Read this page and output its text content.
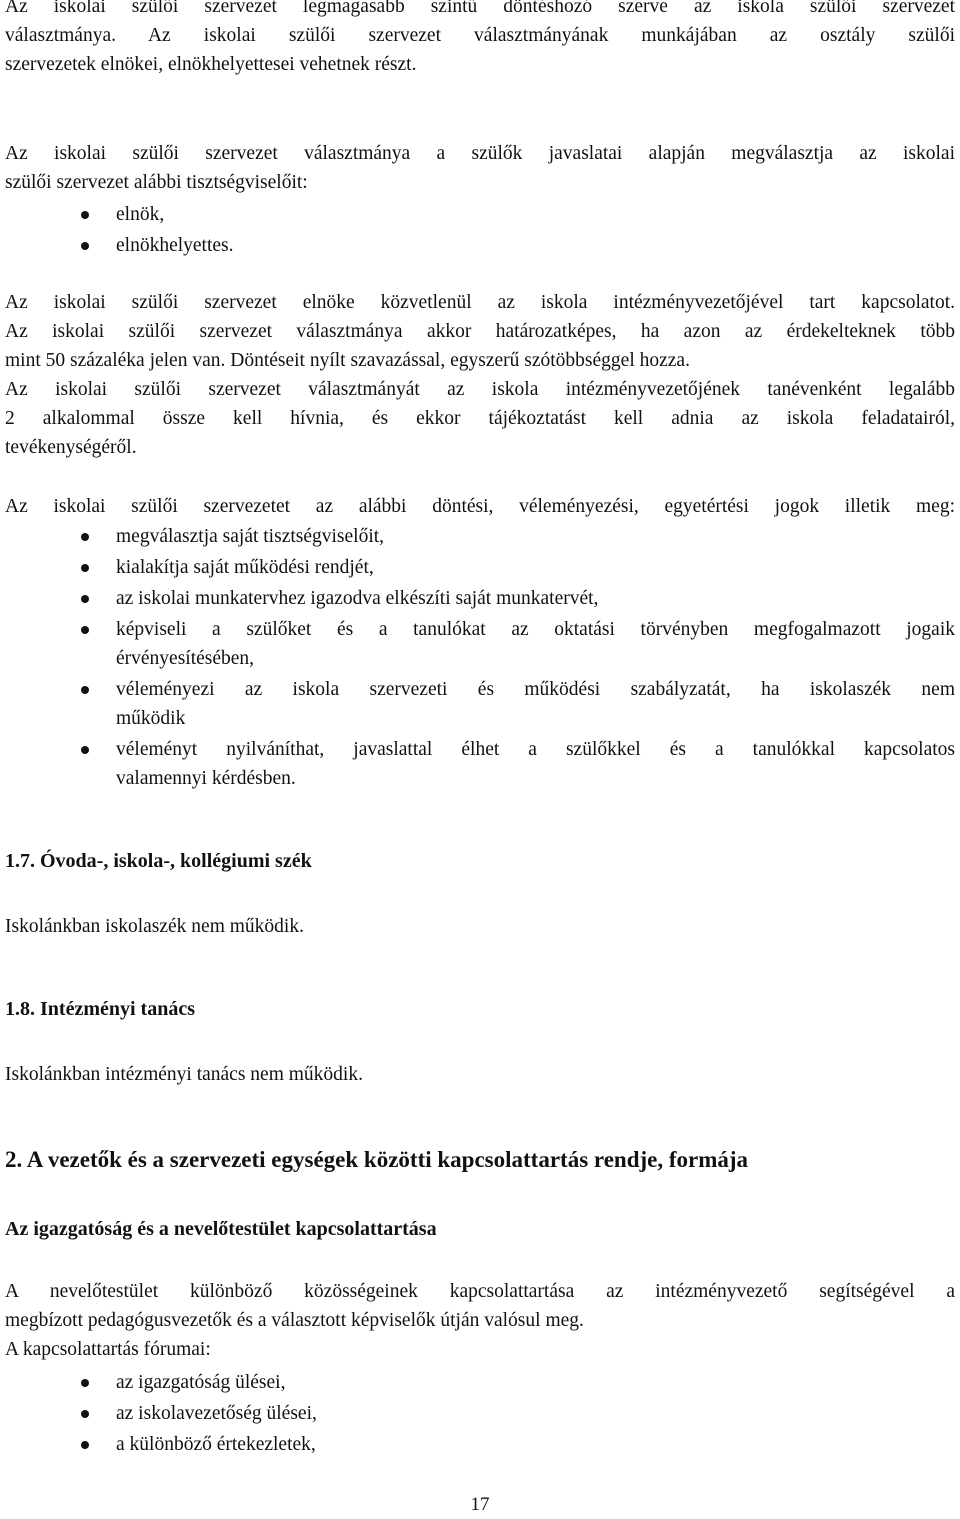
Az iskolai szülői szervezet legmagasabb szintű döntéshozó szerve az iskola szülői szervezet
választmánya. Az iskolai szülői szervezet választmányának munkájában az osztály szülői
szervezetek elnökei, elnökhelyettesei vehetnek részt.
Az iskolai szülői szervezet választmánya a szülők javaslatai alapján megválasztja az iskolai
szülői szervezet alábbi tisztségviselőit:
elnök,
elnökhelyettes.
Az iskolai szülői szervezet elnöke közvetlenül az iskola intézményvezetőjével tart kapcsolatot.
Az iskolai szülői szervezet választmánya akkor határozatképes, ha azon az érdekelteknek több
mint 50 százaléka jelen van. Döntéseit nyílt szavazással, egyszerű szótöbbséggel hozza.
Az iskolai szülői szervezet választmányát az iskola intézményvezetőjének tanévenként legalább
2 alkalommal össze kell hívnia, és ekkor tájékoztatást kell adnia az iskola feladatairól,
tevékenységéről.
Az iskolai szülői szervezetet az alábbi döntési, véleményezési, egyetértési jogok illetik meg:
megválasztja saját tisztségviselőit,
kialakítja saját működési rendjét,
az iskolai munkatervhez igazodva elkészíti saját munkatervét,
képviseli a szülőket és a tanulókat az oktatási törvényben megfogalmazott jogaik
érvényesítésében,
véleményezi az iskola szervezeti és működési szabályzatát, ha iskolaszék nem
működik
véleményt nyilváníthat, javaslattal élhet a szülőkkel és a tanulókkal kapcsolatos
valamennyi kérdésben.
1.7. Óvoda-, iskola-, kollégiumi szék
Iskolánkban iskolaszék nem működik.
1.8. Intézményi tanács
Iskolánkban intézményi tanács nem működik.
2. A vezetők és a szervezeti egységek közötti kapcsolattartás rendje, formája
Az igazgatóság és a nevelőtestület kapcsolattartása
A nevelőtestület különböző közösségeinek kapcsolattartása az intézményvezető segítségével a
megbízott pedagógusvezetők és a választott képviselők útján valósul meg.
A kapcsolattartás fórumai:
az igazgatóság ülései,
az iskolavezetőség ülései,
a különböző értekezletek,
17
